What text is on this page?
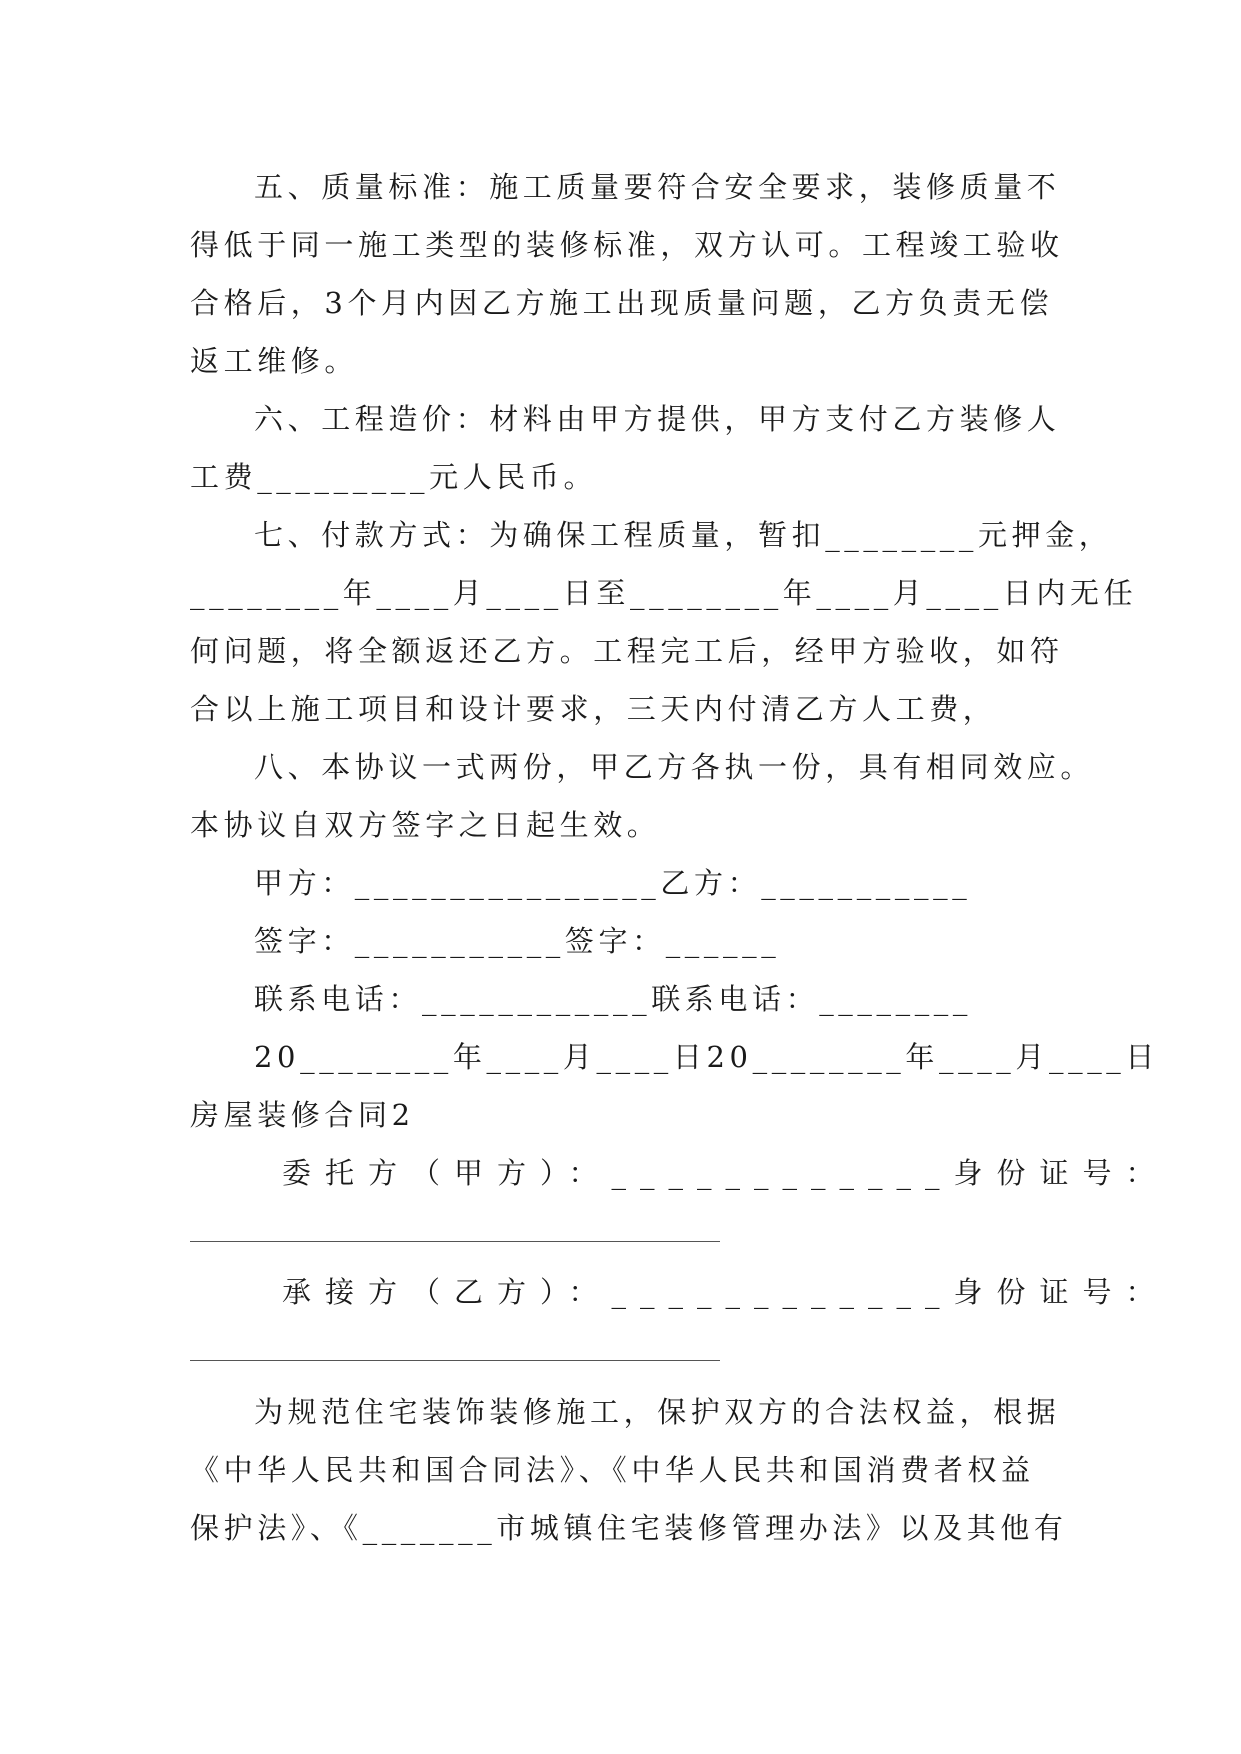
五、质量标准：施工质量要符合安全要求，装修质量不
得低于同一施工类型的装修标准，双方认可。工程竣工验收
合格后，3个月内因乙方施工出现质量问题，乙方负责无偿
返工维修。
六、工程造价：材料由甲方提供，甲方支付乙方装修人
工费_________元人民币。
七、付款方式：为确保工程质量，暂扣________元押金，
________年____月____日至________年____月____日内无任
何问题，将全额返还乙方。工程完工后，经甲方验收，如符
合以上施工项目和设计要求，三天内付清乙方人工费，
八、本协议一式两份，甲乙方各执一份，具有相同效应。
本协议自双方签字之日起生效。
甲方：________________乙方：___________
签字：___________签字：______
联系电话：____________联系电话：________
20________年____月____日20________年____月____日
房屋装修合同2
委托方（甲方）：____________身份证号：
承接方（乙方）：____________身份证号：
为规范住宅装饰装修施工，保护双方的合法权益，根据
《中华人民共和国合同法》、《中华人民共和国消费者权益
保护法》、《_______市城镇住宅装修管理办法》以及其他有
